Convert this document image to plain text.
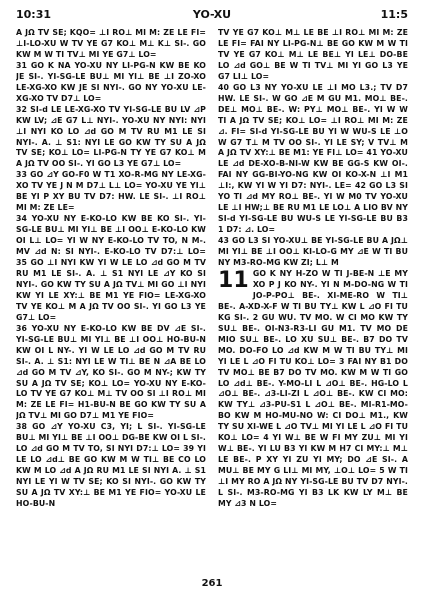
10:31	YO-XU	11:5

A JΩ TV SE; KQO= ⊥I RO⊥ MI M: ZE LE FI= ⊥I-LO-XU W TV YE G7 KO⊥ M⊥ K⊥ SI-. GO KW M W TI TV⊥ MI YE G7⊥ LO=

31 GO K NA YO-XU NY LI-PG-N KW BE KO JE SI-. YI-SG-LE BU⊥ MI YI⊥ BE ⊥I ZO-XO LE-XG-XO KW JE SI NYI-. GO NY YO-XU LE-XG-XO TV D7⊥ LO=

32 SI-d LE LE-XG-XO TV YI-SG-LE BU LV ⊿P KW LV; ⊿E G7 L⊥ NYI-. YO-XU NY NYI: NYI ⊥I NYI KO LO ⊿d GO M TV RU M1 LE SI NYI-. A. ⊥ S1: NYI LE GO KW TY SU A JΩ TV SE; KO⊥ LO= LI-PG-N TY YE G7 KO⊥ M A JΩ TV OO SI-. YI GO L3 YE G7⊥ LO=

33 GO ⊿Y GO-F0 W T1 XO-R-MG NY LE-XG-XO TV YE J N M D7⊥ L⊥ LO= YO-XU YE YI⊥ BE YI P XY BU TV D7: HW. LE SI-. ⊥I RO⊥ MI M: ZE LE=

34 YO-XU NY E-KO-LO KW BE KO SI-. YI-SG-LE BU⊥ MI YI⊥ BE ⊥I OO⊥ E-KO-LO KW OI L⊥ LO= YI W NY E-KO-LO TV TO, N M-. MV ⊿d N: SI NYI-. E-KO-LO TV D7:⊥ LO= 35 GO ⊥I NYI KW YI W LE LO ⊿d GO M TV RU M1 LE SI-. A. ⊥ S1 NYI LE ⊿Y KO SI NYI-. GO KW TY SU A JΩ TV⊥ MI GO ⊥I NYI KW YI LE XY:⊥ BE M1 YE FIO= LE-XG-XO TV YE KO⊥ M A JΩ TV OO SI-. YI GO L3 YE G7⊥ LO=

36 YO-XU NY E-KO-LO KW BE DV ⊿E SI-. YI-SG-LE BU⊥ MI YI⊥ BE ⊥I OO⊥ HO-BU-N KW OI L NY-. YI W LE LO ⊿d GO M TV RU SI-. A. ⊥ S1: NYI LE W TI⊥ BE N ⊿A BE LO ⊿d GO M TV ⊿Y, KO SI-. GO M NY-; KW TY SU A JΩ TV SE; KO⊥ LO= YO-XU NY E-KO-LO TV YE G7 KO⊥ M⊥ TV OO SI ⊥I RO⊥ MI M: ZE LE FI= H1-BU-N BE GO KW TY SU A JΩ TV⊥ MI GO D7⊥ M1 YE FIO=

38 GO ⊿Y YO-XU C3, YI; L SI-. YI-SG-LE BU⊥ MI YI⊥ BE ⊥I OO⊥ DG-BE KW OI L SI-. LO ⊿d GO M TV TO, SI NYI D7:⊥ LO= 39 YI LE LO ⊿d⊥ BE GO KW M W TI⊥ BE CO LO KW M LO ⊿d A JΩ RU M1 LE SI NYI A. ⊥ S1 NYI LE YI W TV SE; KO SI NYI-. GO KW TY SU A JΩ TV XY:⊥ BE M1 YE FIO= YO-XU LE HO-BU-N

TV YE G7 KO⊥ M⊥ LE BE ⊥I RO⊥ MI M: ZE LE FI= FAI NY LI-PG-N⊥ BE GO KW M W TI TV YE G7 KO⊥ M⊥ LE BE⊥ YI LE⊥ DO-BE LO ⊿d GO⊥ BE W TI TV⊥ MI YI GO L3 YE G7 LI⊥ LO=

40 GO L3 NY YO-XU LE ⊥I MO L3.; TV D7 HW. LE SI-. W GO ⊿E M GU M1. MO⊥ BE-. DE⊥ MO⊥ BE-. W: PY⊥ MO⊥ BE-. YI W W TI A JΩ TV SE; KO⊥ LO= ⊥I RO⊥ MI M: ZE ⊿. FI= SI-d YI-SG-LE BU YI W WU-S LE ⊥O W G7 T⊥ M TV OO SI-. YI LE SY; V TV⊥ M A JΩ TV XY:⊥ BE M1: YE FI⊥ LO= 41 YO-XU LE ⊿d DE-XO-B-NI-W KW BE GG-S KW OI-. FAI NY GG-BI-YO-NG KW OI KO-X-N ⊥I M1 ⊥I:, KW YI W YI D7: NYI-. LE= 42 GO L3 SI YO TI ⊿d MY RO⊥ BE-. YI W M0 TV YO-XU LE ⊥I HW;⊥ BE RU M1 LE LO⊥ A LIO BV NY SI-d YI-SG-LE BU WU-S LE YI-SG-LE BU B3 1 D7: ⊿. LO=

43 GO L3 SI YO-XU⊥ BE YI-SG-LE BU A JΩ⊥ MI YI⊥ BE ⊥I OO⊥ KI-LO-G MY ⊿E W TI BU NY M3-RO-MG KW ZI; L⊥ M

11 GO K NY H-ZO W TI J-BE-N ⊥E MY XO P J KO NY-. YI N M-DO-NG W TI JO-P-PO⊥ BE-. XI-ME-RO W TI⊥ BE-. A-XD-X-F W TI BU TY⊥ KW L ⊿O FI TU KG SI-. 2 GU WU. TV MO. W CI MO KW TY SU⊥ BE-. OI-N3-R3-LI GU M1. TV MO DE MIO SU⊥ BE-. LO XU SU⊥ BE-. B7 DO TV MO. DO-FO LO ⊿d KW M W TI BU TY⊥ MI YI LE L ⊿O FI TU KO⊥ LO= 3 FAI NY B1 DO TV MO⊥ BE B7 DO TV MO. KW M W TI GO LO ⊿d⊥ BE-. Y-MO-LI L ⊿O⊥ BE-. HG-LO L ⊿O⊥ BE-. ⊿3-LI-ZI L ⊿O⊥ BE-. KW CI MO: KW TY⊥ ⊿3-PU-S1 L ⊿O⊥ BE-. MI-R1-MO-BO KW M HO-MU-NO W: CI DO⊥ M1., KW TY SU XI-WE L ⊿O TV⊥ MI YI LE L ⊿O FI TU KO⊥ LO= 4 YI W⊥ BE W FI MY ZU⊥ MI YI W⊥ BE-. YI LU B3 YI KW M H7 CI MY:⊥ M⊥ LE BE-. P XY YI ZU YI MY; DO ⊿E SI-. A MU⊥ BE MY G LI⊥ MI MY, ⊥O⊥ LO= 5 W TI ⊥I MY RO A JΩ NY YI-SG-LE BU TV D7 NYI-. L SI-. M3-RO-MG YI B3 LK KW LY M⊥ BE MY ⊿3 N LO=

261
